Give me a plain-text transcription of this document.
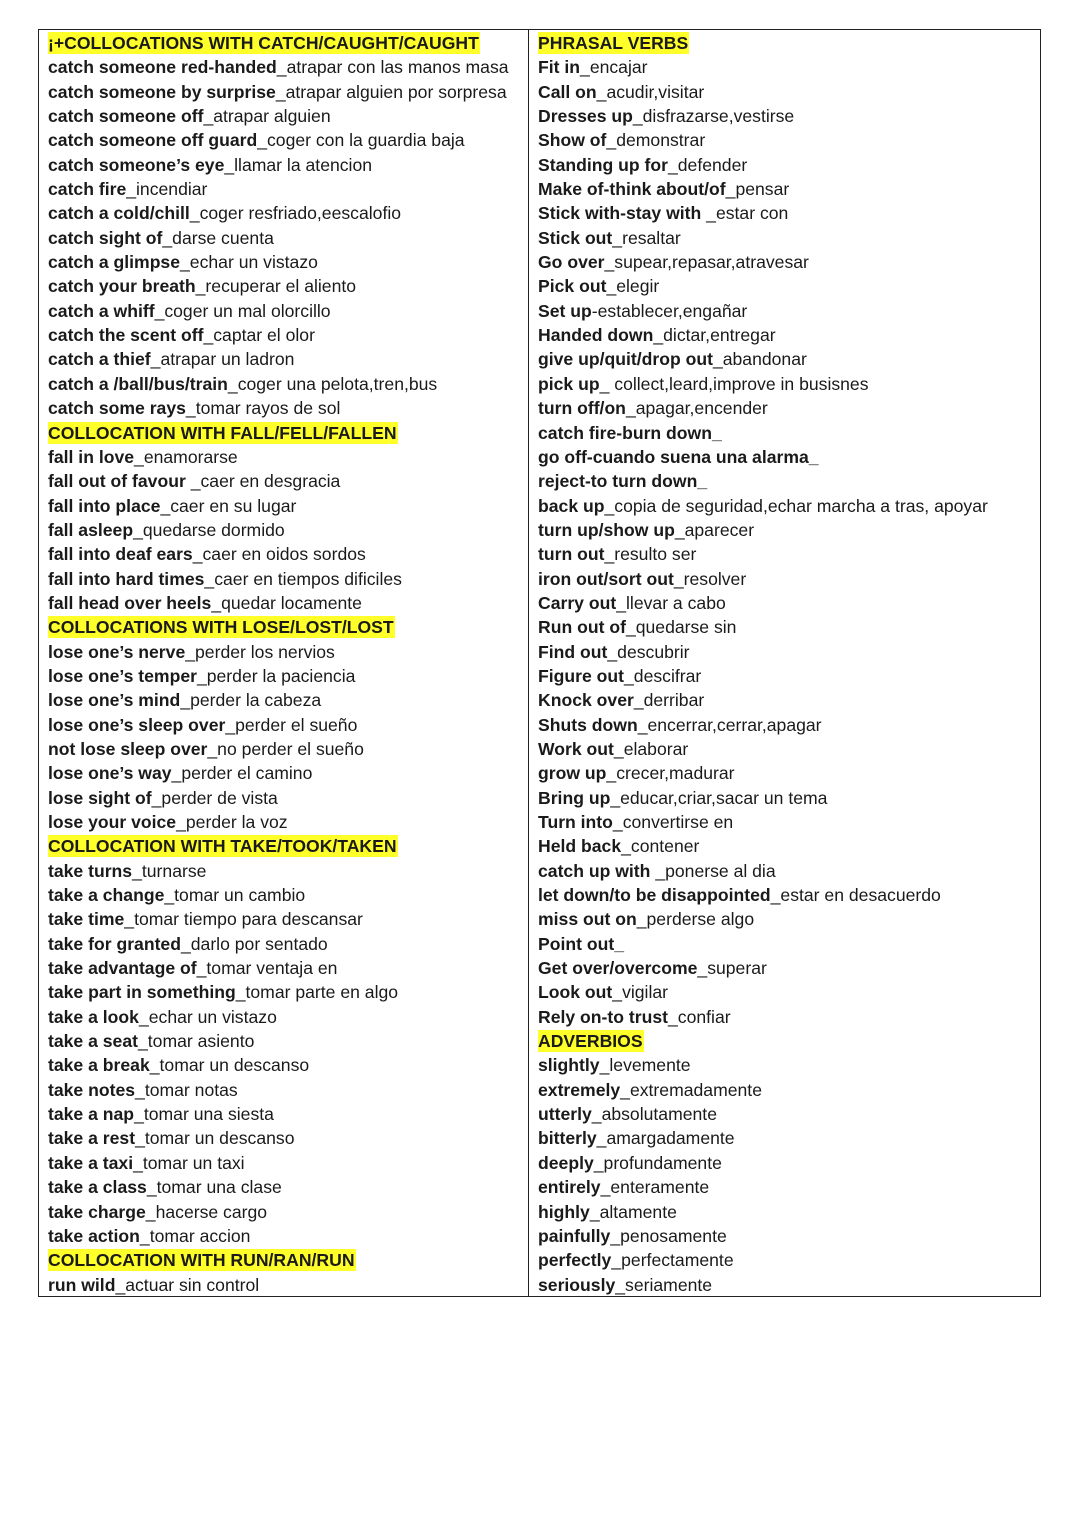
¡+COLLOCATIONS WITH CATCH/CAUGHT/CAUGHT
catch someone red-handed_atrapar con las manos masa
catch someone by surprise_atrapar alguien por sorpresa
catch someone off_atrapar alguien
catch someone off guard_coger con la guardia baja
catch someone’s eye_llamar la atencion
catch fire_incendiar
catch a cold/chill_coger resfriado,eescalofio
catch sight of_darse cuenta
catch a glimpse_echar un vistazo
catch your breath_recuperar el aliento
catch a whiff_coger un mal olorcillo
catch the scent off_captar el olor
catch a thief_atrapar un ladron
catch a /ball/bus/train_coger una pelota,tren,bus
catch some rays_tomar rayos de sol
COLLOCATION WITH FALL/FELL/FALLEN
fall in love_enamorarse
fall out of favour _caer en desgracia
fall into place_caer en su lugar
fall asleep_quedarse dormido
fall into deaf ears_caer en oidos sordos
fall into hard times_caer en tiempos dificiles
fall head over heels_quedar locamente
COLLOCATIONS WITH LOSE/LOST/LOST
lose one’s nerve_perder los nervios
lose one’s temper_perder la paciencia
lose one’s mind_perder la cabeza
lose one’s sleep over_perder el sueño
not lose sleep over_no perder el sueño
lose one’s way_perder el camino
lose sight of_perder de vista
lose your voice_perder la voz
COLLOCATION WITH TAKE/TOOK/TAKEN
take turns_turnarse
take a change_tomar un cambio
take time_tomar tiempo para descansar
take for granted_darlo por sentado
take advantage of_tomar ventaja en
take part in something_tomar parte en algo
take a look_echar un vistazo
take a seat_tomar asiento
take a break_tomar un descanso
take notes_tomar notas
take a nap_tomar una siesta
take a rest_tomar un descanso
take a taxi_tomar un taxi
take a class_tomar una clase
take charge_hacerse cargo
take action_tomar accion
COLLOCATION WITH RUN/RAN/RUN
run wild_actuar sin control
PHRASAL VERBS
Fit in_encajar
Call on_acudir,visitar
Dresses up_disfrazarse,vestirse
Show of_demonstrar
Standing up for_defender
Make of-think about/of_pensar
Stick with-stay with _estar con
Stick out_resaltar
Go over_supear,repasar,atravesar
Pick out_elegir
Set up-establecer,engañar
Handed down_dictar,entregar
give up/quit/drop out_abandonar
pick up_ collect,leard,improve in busisnes
turn off/on_apagar,encender
catch fire-burn down_
go off-cuando suena una alarma_
reject-to turn down_
back up_copia de seguridad,echar marcha a tras, apoyar
turn up/show up_aparecer
turn out_resulto ser
iron out/sort out_resolver
Carry out_llevar a cabo
Run out of_quedarse sin
Find out_descubrir
Figure out_descifrar
Knock over_derribar
Shuts down_encerrar,cerrar,apagar
Work out_elaborar
grow up_crecer,madurar
Bring up_educar,criar,sacar un tema
Turn into_convertirse en
Held back_contener
catch up with _ponerse al dia
let down/to be disappointed_estar en desacuerdo
miss out on_perderse algo
Point out_
Get over/overcome_superar
Look out_vigilar
Rely on-to trust_confiar
ADVERBIOS
slightly_levemente
extremely_extremadamente
utterly_absolutamente
bitterly_amargadamente
deeply_profundamente
entirely_enteramente
highly_altamente
painfully_penosamente
perfectly_perfectamente
seriously_seriamente
